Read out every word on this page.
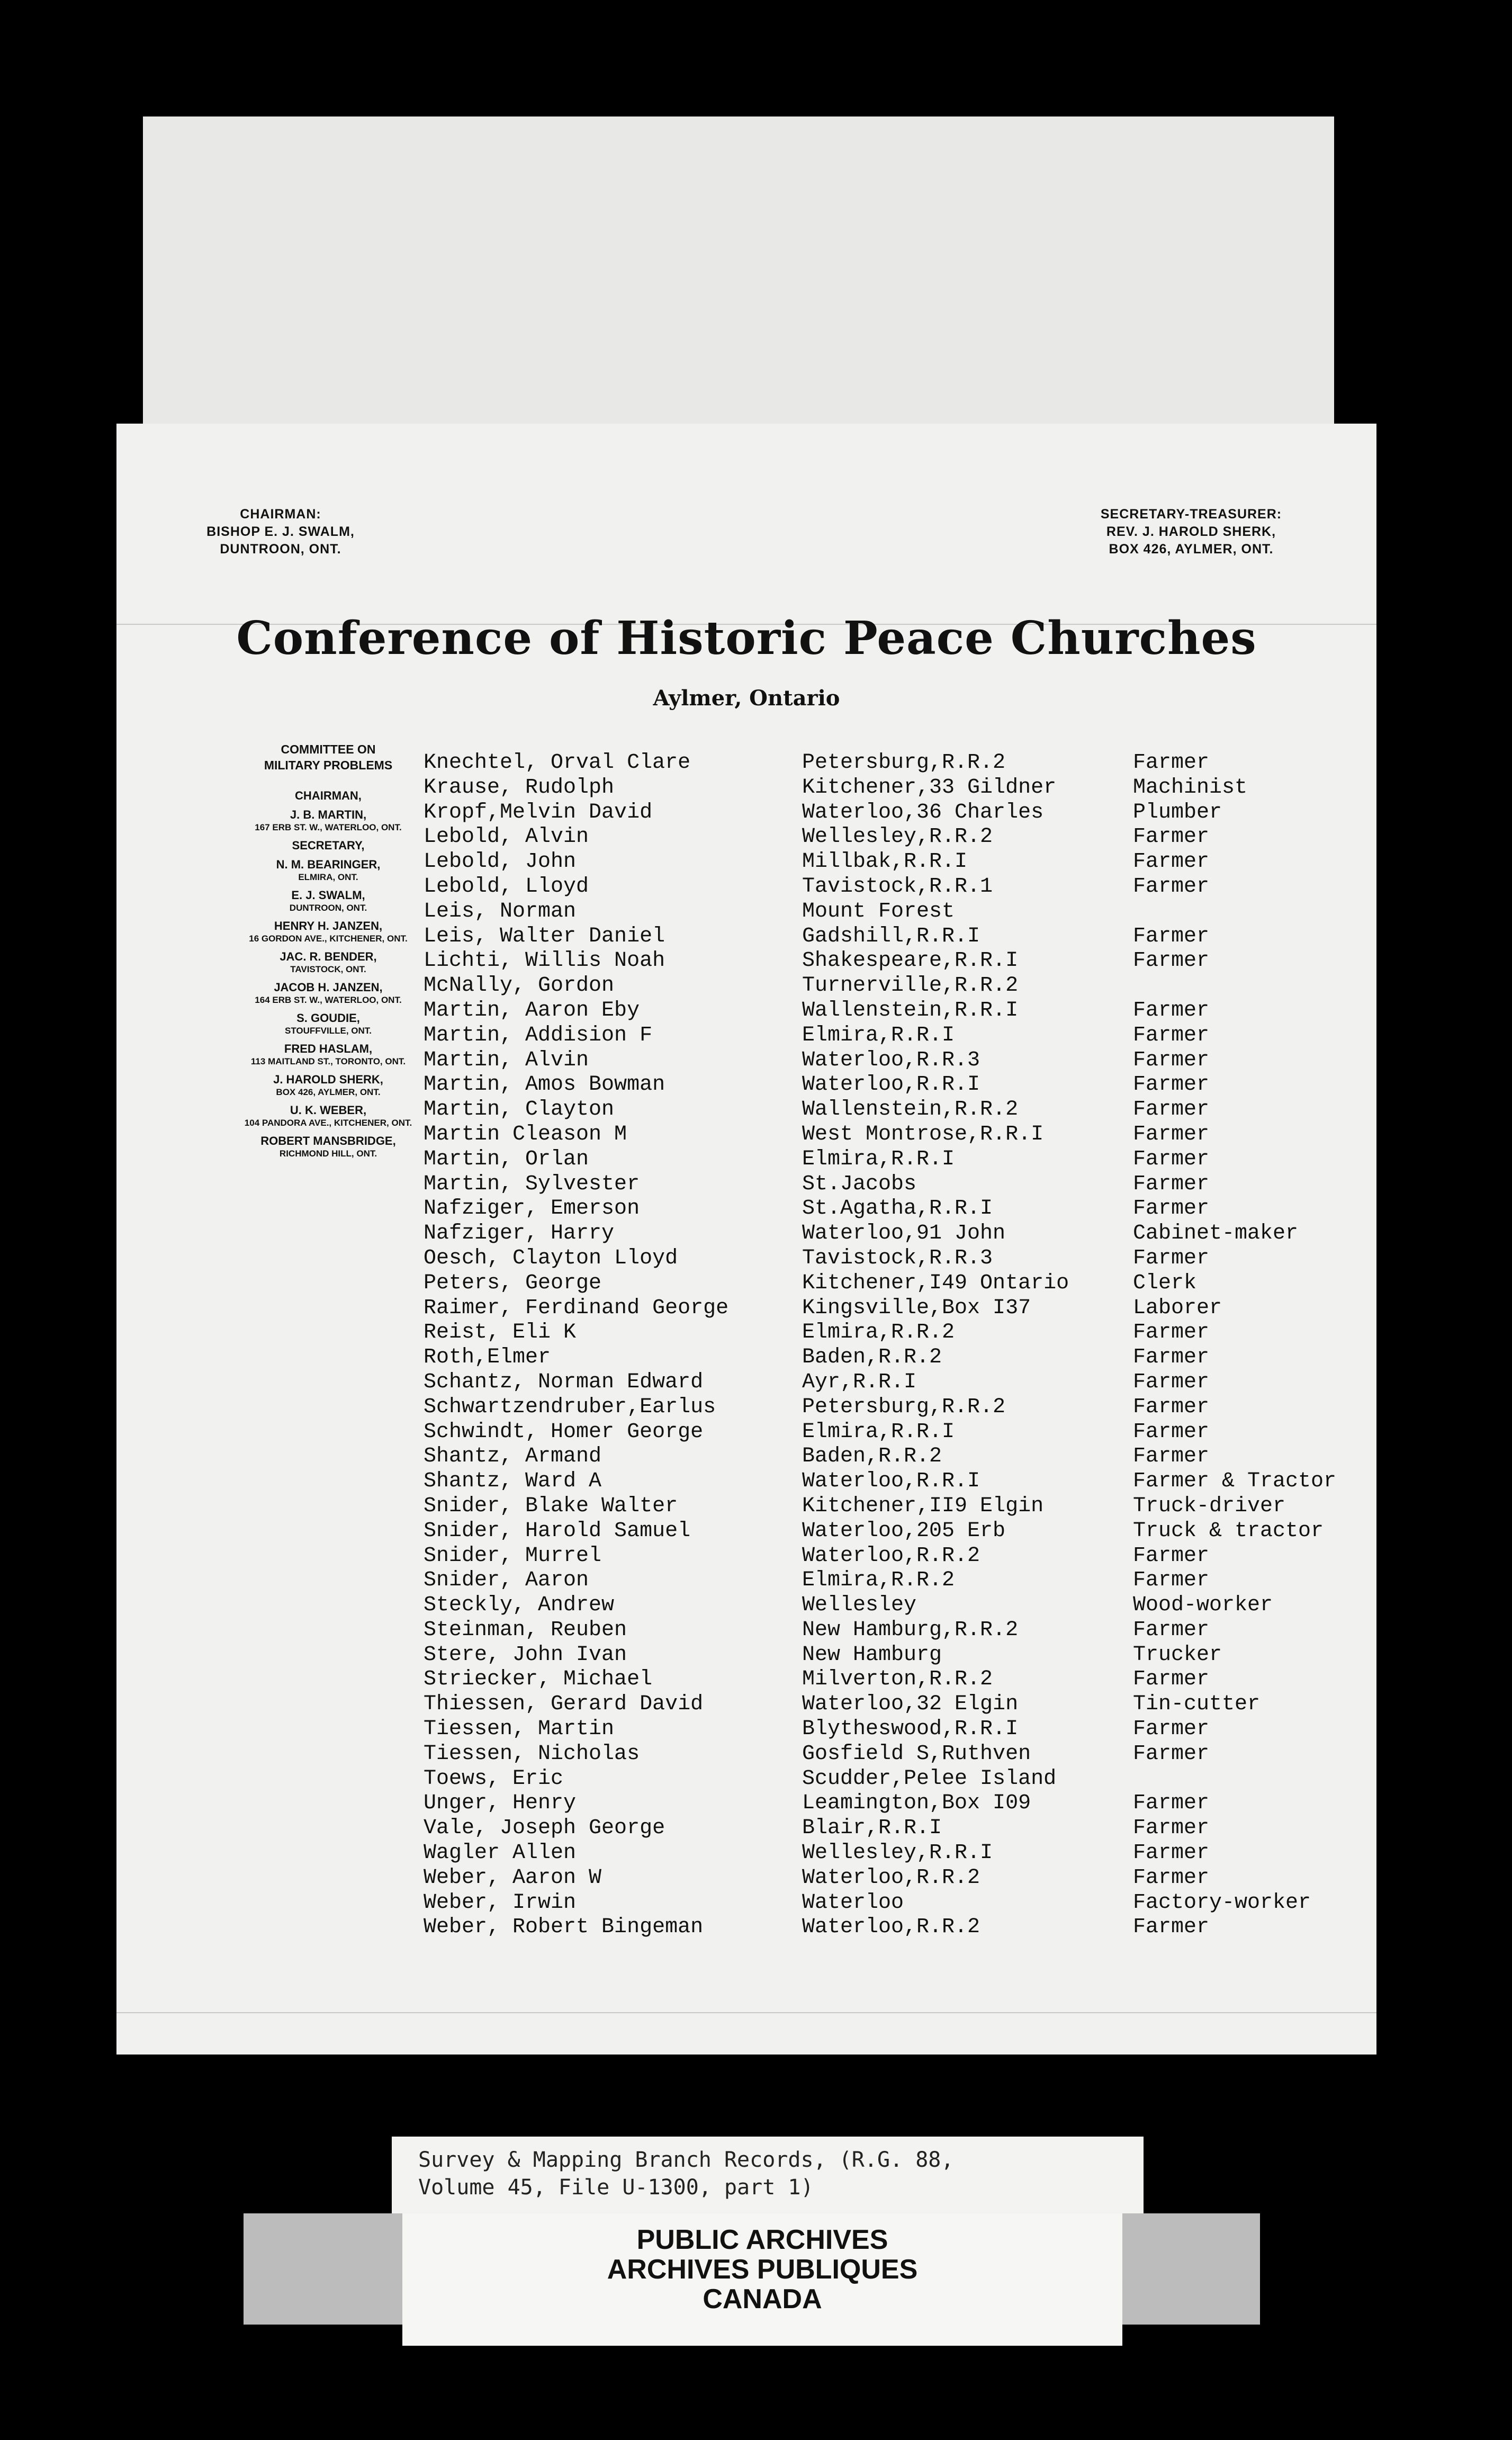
CHAIRMAN:
BISHOP E. J. SWALM,
DUNTROON, ONT.
SECRETARY-TREASURER:
REV. J. HAROLD SHERK,
BOX 426, AYLMER, ONT.
Conference of Historic Peace Churches
Aylmer, Ontario
COMMITTEE ON
MILITARY PROBLEMS
CHAIRMAN,
J. B. MARTIN,
167 ERB ST. W., WATERLOO, ONT.
SECRETARY,
N. M. BEARINGER,
ELMIRA, ONT.
E. J. SWALM,
DUNTROON, ONT.
HENRY H. JANZEN,
16 GORDON AVE., KITCHENER, ONT.
JAC. R. BENDER,
TAVISTOCK, ONT.
JACOB H. JANZEN,
164 ERB ST. W., WATERLOO, ONT.
S. GOUDIE,
STOUFFVILLE, ONT.
FRED HASLAM,
113 MAITLAND ST., TORONTO, ONT.
J. HAROLD SHERK,
BOX 426, AYLMER, ONT.
U. K. WEBER,
104 PANDORA AVE., KITCHENER, ONT.
ROBERT MANSBRIDGE,
RICHMOND HILL, ONT.
Knechtel, Orval Clare	Petersburg,R.R.2	Farmer
Krause, Rudolph	Kitchener,33 Gildner	Machinist
Kropf,Melvin David	Waterloo,36 Charles	Plumber
Lebold, Alvin	Wellesley,R.R.2	Farmer
Lebold, John	Millbak,R.R.I	Farmer
Lebold, Lloyd	Tavistock,R.R.1	Farmer
Leis, Norman	Mount Forest
Leis, Walter Daniel	Gadshill,R.R.I	Farmer
Lichti, Willis Noah	Shakespeare,R.R.I	Farmer
McNally, Gordon	Turnerville,R.R.2
Martin, Aaron Eby	Wallenstein,R.R.I	Farmer
Martin, Addision F	Elmira,R.R.I	Farmer
Martin, Alvin	Waterloo,R.R.3	Farmer
Martin, Amos Bowman	Waterloo,R.R.I	Farmer
Martin, Clayton	Wallenstein,R.R.2	Farmer
Martin Cleason M	West Montrose,R.R.I	Farmer
Martin, Orlan	Elmira,R.R.I	Farmer
Martin, Sylvester	St.Jacobs	Farmer
Nafziger, Emerson	St.Agatha,R.R.I	Farmer
Nafziger, Harry	Waterloo,91 John	Cabinet-maker
Oesch, Clayton Lloyd	Tavistock,R.R.3	Farmer
Peters, George	Kitchener,I49 Ontario	Clerk
Raimer, Ferdinand George	Kingsville,Box I37	Laborer
Reist, Eli K	Elmira,R.R.2	Farmer
Roth,Elmer	Baden,R.R.2	Farmer
Schantz, Norman Edward	Ayr,R.R.I	Farmer
Schwartzendruber,Earlus	Petersburg,R.R.2	Farmer
Schwindt, Homer George	Elmira,R.R.I	Farmer
Shantz, Armand	Baden,R.R.2	Farmer
Shantz, Ward A	Waterloo,R.R.I	Farmer & Tractor
Snider, Blake Walter	Kitchener,II9 Elgin	Truck-driver
Snider, Harold Samuel	Waterloo,205 Erb	Truck & tractor
Snider, Murrel	Waterloo,R.R.2	Farmer
Snider, Aaron	Elmira,R.R.2	Farmer
Steckly, Andrew	Wellesley	Wood-worker
Steinman, Reuben	New Hamburg,R.R.2	Farmer
Stere, John Ivan	New Hamburg	Trucker
Striecker, Michael	Milverton,R.R.2	Farmer
Thiessen, Gerard David	Waterloo,32 Elgin	Tin-cutter
Tiessen, Martin	Blytheswood,R.R.I	Farmer
Tiessen, Nicholas	Gosfield S,Ruthven	Farmer
Toews, Eric	Scudder,Pelee Island
Unger, Henry	Leamington,Box I09	Farmer
Vale, Joseph George	Blair,R.R.I	Farmer
Wagler Allen	Wellesley,R.R.I	Farmer
Weber, Aaron W	Waterloo,R.R.2	Farmer
Weber, Irwin	Waterloo	Factory-worker
Weber, Robert Bingeman	Waterloo,R.R.2	Farmer
Survey & Mapping Branch Records, (R.G. 88,
Volume 45, File U-1300, part 1)
PUBLIC ARCHIVES
ARCHIVES PUBLIQUES
CANADA
